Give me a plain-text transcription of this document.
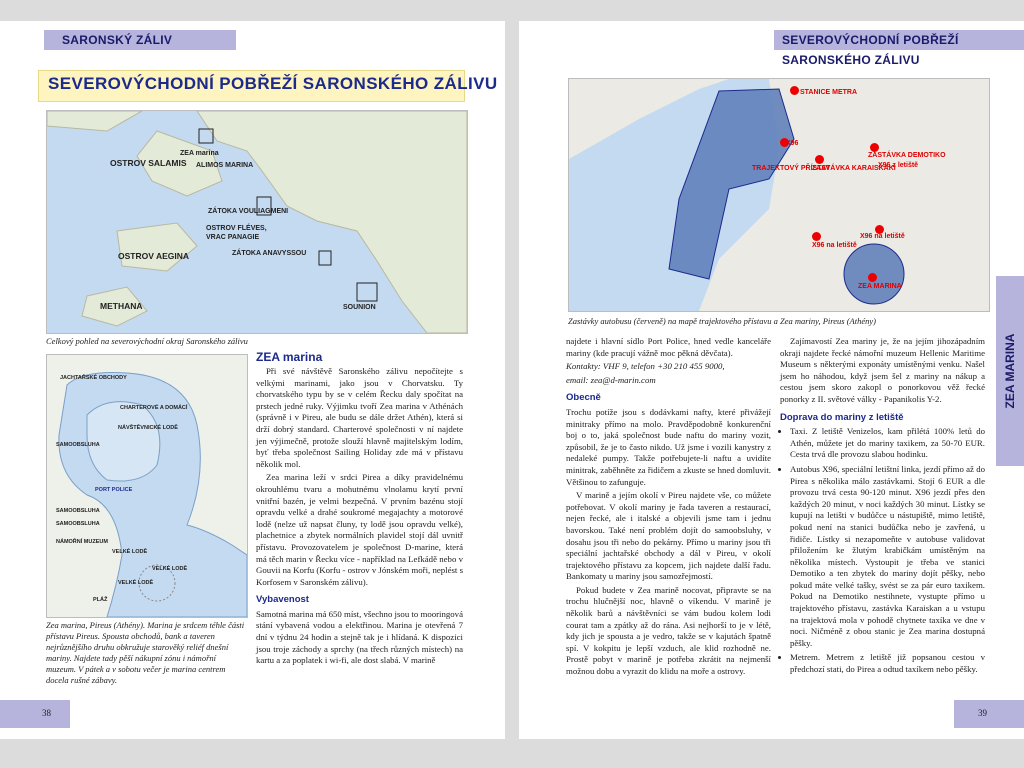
SARONSKÝ ZÁLIV
SEVEROVÝCHODNÍ POBŘEŽÍ SARONSKÉHO ZÁLIVU
OSTROV SALAMIS
OSTROV AEGINA
METHANA
ZEA marina
ALIMOS MARINA
ZÁTOKA VOULIAGMENI
OSTROV FLÉVES,
VRAC PANAGIE
ZÁTOKA ANAVYSSOU
SOUNION
Celkový pohled na severovýchodní okraj Saronského zálivu
JACHTAŘSKÉ OBCHODY
CHARTEROVÉ A DOMÁCÍ
NÁVŠTĚVNICKÉ LODĚ
SAMOOBSLUHA
PORT POLICE
SAMOOBSLUHA
SAMOOBSLUHA
NÁMOŘNÍ MUZEUM
VELKÉ LODĚ
VELKÉ LODĚ
VELKÉ LODĚ
PLÁŽ
Zea marina, Pireus (Athény). Marina je srdcem téhle části přístavu Pireus. Spousta obchodů, bank a taveren nejrůznějšího druhu obkružuje starověký reliéf dnešní mariny. Najdete tady pěší nákupní zónu i námořní muzeum. V pátek a v sobotu večer je marina centrem docela rušné zábavy.
ZEA marina

Při své návštěvě Saronského zálivu nepočítejte s velkými marinami, jako jsou v Chorvatsku. Ty chorvatského typu by se v celém Řecku daly spočítat na prstech jedné ruky. Výjimku tvoří Zea marina v Athénách (správně i v Pireu, ale budu se dále držet Athén), která si drží dobrý standard. Charterové společnosti v ní najdete jen výjimečně, protože slouží hlavně majitelským lodím, byť třeba společnost Sailing Holiday zde má v přístavu několik mol.

Zea marina leží v srdci Pirea a díky pravidelnému okrouhlému tvaru a mohutnému vlnolamu krytí první vnitřní bazén, je velmi bezpečná. V prvním bazénu stojí opravdu velké a drahé soukromé megajachty a motorové lodě (nelze už napsat čluny, ty lodě jsou opravdu velké), plachetnice a zbytek normálních plavidel stojí dál uvnitř přístavu. Provozovatelem je společnost D-marine, která má těch marin v Řecku více - například na Lefkádě nebo v Gouvii na Korfu (Korfu - ostrov v Jónském moři, neplést s Korfosem v Saronském zálivu).

Vybavenost

Samotná marina má 650 míst, všechno jsou to mooringová stání vybavená vodou a elektřinou. Marina je otevřená 7 dní v týdnu 24 hodin a stejně tak je i hlídaná. K dispozici jsou troje záchody a sprchy (na třech různých místech) na kartu a za poplatek i wi-fi, ale dost slabá. V marině

38
SEVEROVÝCHODNÍ POBŘEŽÍ SARONSKÉHO ZÁLIVU
STANICE METRA
X96
TRAJEKTOVÝ PŘÍSTAV
ZASTÁVKA KARAISKAKI
ZASTÁVKA DEMOTIKO
X96 z letiště
X96 na letiště
X96 na letiště
ZEA MARINA
Zastávky autobusu (červeně) na mapě trajektového přístavu a Zea mariny, Pireus (Athény)

najdete i hlavní sídlo Port Police, hned vedle kanceláře mariny (kde pracují vážně moc pěkná děvčata).

Kontakty: VHF 9, telefon +30 210 455 9000,

email: zea@d-marin.com

Obecně

Trochu potíže jsou s dodávkami nafty, které přivážejí minitraky přímo na molo. Pravděpodobně konkurenční boj o to, jaká společnost bude naftu do mariny vozit, způsobil, že je to často nikdo. Už jsme i vozili kanystry z nedaleké pumpy. Takže potřebujete-li naftu a uvidíte minitrak, zaběhněte za řidičem a zkuste se hned domluvit. Většinou to zafunguje.

V marině a jejím okolí v Pireu najdete vše, co můžete potřebovat. V okolí mariny je řada taveren a restaurací, nejen řecké, ale i italské a objevili jsme tam i jednu bavorskou. Také není problém dojít do samoobsluhy, v dosahu jsou tři nebo do pekárny. Přímo u mariny jsou tři speciální jachtařské obchody a dál v Pireu, v okolí trajektového přístavu za kopcem, jich najdete další řadu. Bankomaty u mariny jsou samozřejmostí.

Pokud budete v Zea marině nocovat, připravte se na trochu hlučnější noc, hlavně o víkendu. V marině je několik barů a návštěvníci se vám budou kolem lodi courat tam a zpátky až do rána. Asi nejhorší to je v létě, kdy jich je spousta a je vedro, takže se v kajutách špatně spí. V kokpitu je lepší vzduch, ale klid rozhodně ne. Prostě pobyt v marině je potřeba zkrátit na nejmenší možnou dobu a vyrazit do klidu na moře a ostrovy.

Zajímavostí Zea mariny je, že na jejím jihozápadním okraji najdete řecké námořní muzeum Hellenic Maritime Museum s některými exponáty umístěnými venku. Našel jsem ho náhodou, když jsem šel z mariny na nákup a cestou jsem skoro zakopl o ponorkovou věž řecké ponorky z II. světové války - Papanikolis Y-2.

Doprava do mariny z letiště
• Taxi. Z letiště Venizelos, kam přilétá 100% letů do Athén, můžete jet do mariny taxikem, za 50-70 EUR. Cesta trvá dle provozu slabou hodinku.
• Autobus X96, speciální letištní linka, jezdí přímo až do Pirea s několika málo zastávkami. Stojí 6 EUR a dle provozu trvá cesta 90-120 minut. X96 jezdí přes den každých 20 minut, v noci každých 30 minut. Lístky se kupují na letišti v budůčce u nástupiště, mimo letiště, pokud není na stanici budůčka nebo je zavřená, u řidiče. Lístky si nezapomeňte v autobuse validovat přiložením ke žlutým krabičkám umístěným na několika místech. Vystoupit je třeba ve stanici Demotiko a ten zbytek do mariny dojít pěšky, nebo pokud máte velké tašky, svést se za pár euro taxikem. Pokud na Demotiko nestihnete, vystupte přímo u trajektového přístavu, zastávka Karaiskan a u vstupu na trajektová mola v pohodě chytnete taxíka ve dne v noci. Ničméně z obou stanic je Zea marina dostupná pěšky.
• Metrem. Metrem z letiště již popsanou cestou v předchozí stati, do Pirea a odtud taxíkem nebo pěšky.
ZEA MARINA
39
